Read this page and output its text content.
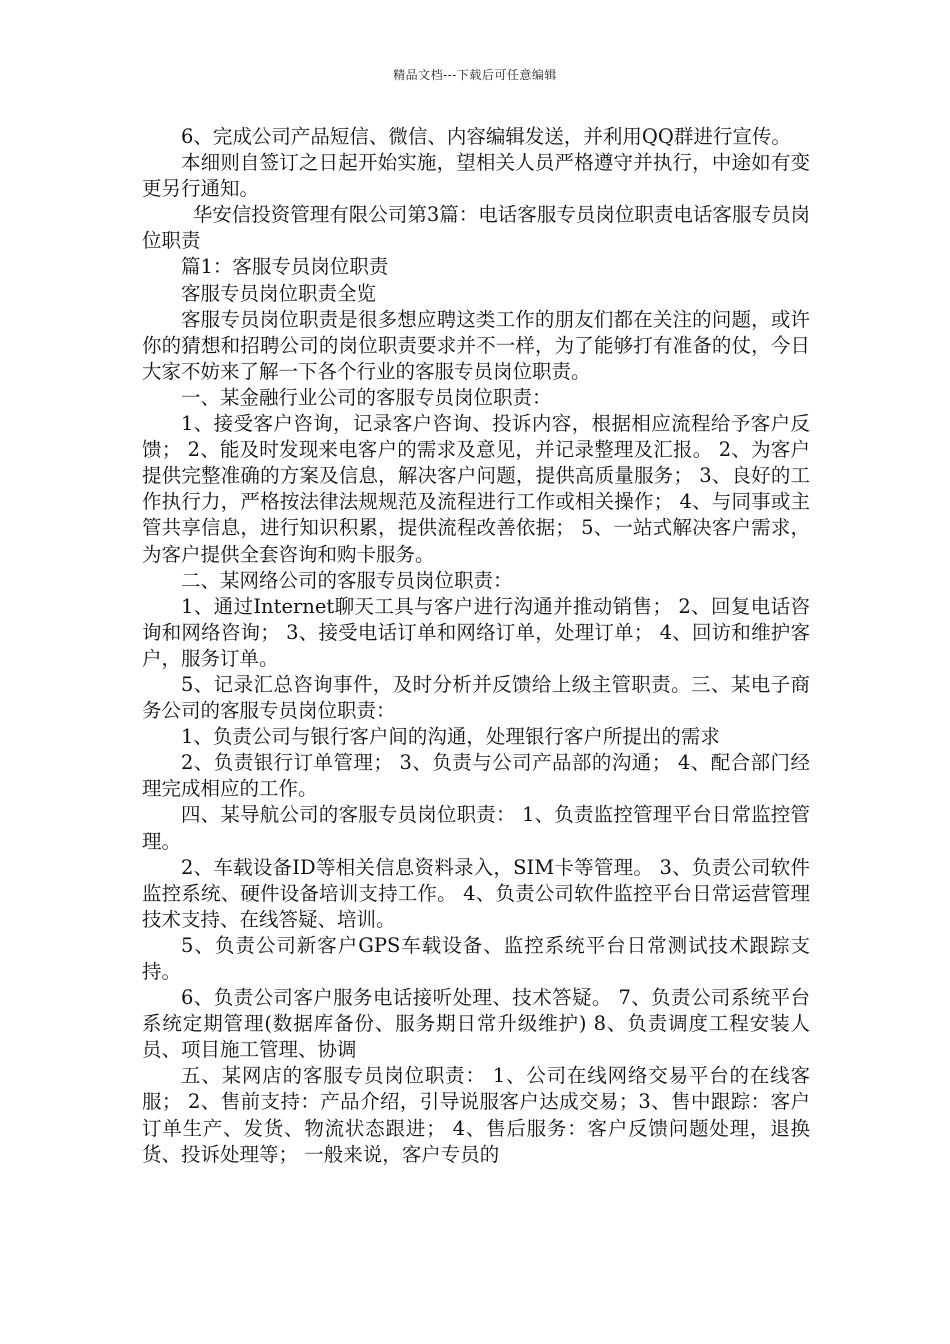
精品文档---下载后可任意编辑

6、完成公司产品短信、微信、内容编辑发送，并利用QQ群进行宣传。

本细则自签订之日起开始实施，望相关人员严格遵守并执行，中途如有变更另行通知。

华安信投资管理有限公司第3篇：电话客服专员岗位职责电话客服专员岗位职责

篇1：客服专员岗位职责

客服专员岗位职责全览

客服专员岗位职责是很多想应聘这类工作的朋友们都在关注的问题，或许你的猜想和招聘公司的岗位职责要求并不一样，为了能够打有准备的仗，今日大家不妨来了解一下各个行业的客服专员岗位职责。

一、某金融行业公司的客服专员岗位职责：

1、接受客户咨询，记录客户咨询、投诉内容，根据相应流程给予客户反馈； 2、能及时发现来电客户的需求及意见，并记录整理及汇报。 2、为客户提供完整准确的方案及信息，解决客户问题，提供高质量服务； 3、良好的工作执行力，严格按法律法规规范及流程进行工作或相关操作； 4、与同事或主管共享信息，进行知识积累，提供流程改善依据； 5、一站式解决客户需求，为客户提供全套咨询和购卡服务。

二、某网络公司的客服专员岗位职责：

1、通过Internet聊天工具与客户进行沟通并推动销售； 2、回复电话咨询和网络咨询； 3、接受电话订单和网络订单，处理订单； 4、回访和维护客户，服务订单。

5、记录汇总咨询事件，及时分析并反馈给上级主管职责。三、某电子商务公司的客服专员岗位职责：

1、负责公司与银行客户间的沟通，处理银行客户所提出的需求

2、负责银行订单管理； 3、负责与公司产品部的沟通； 4、配合部门经理完成相应的工作。

四、某导航公司的客服专员岗位职责： 1、负责监控管理平台日常监控管理。

2、车载设备ID等相关信息资料录入，SIM卡等管理。 3、负责公司软件监控系统、硬件设备培训支持工作。 4、负责公司软件监控平台日常运营管理技术支持、在线答疑、培训。

5、负责公司新客户GPS车载设备、监控系统平台日常测试技术跟踪支持。

6、负责公司客户服务电话接听处理、技术答疑。 7、负责公司系统平台系统定期管理(数据库备份、服务期日常升级维护) 8、负责调度工程安装人员、项目施工管理、协调

五、某网店的客服专员岗位职责： 1、公司在线网络交易平台的在线客服； 2、售前支持：产品介绍，引导说服客户达成交易；3、售中跟踪：客户订单生产、发货、物流状态跟进； 4、售后服务：客户反馈问题处理，退换货、投诉处理等； 一般来说，客户专员的
